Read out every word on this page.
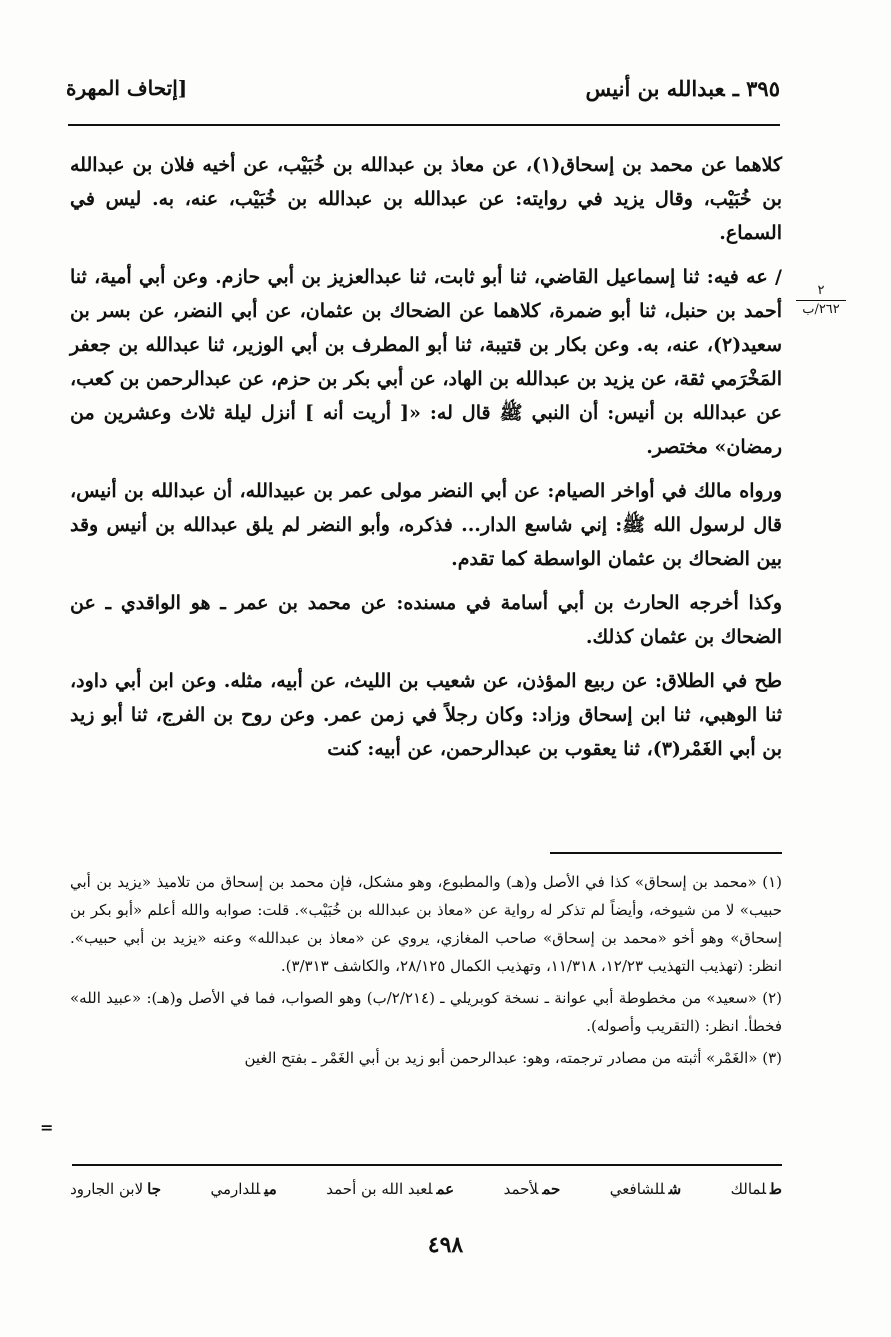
٣٩٥ ـعبدالله بن أنيس
[إتحاف المهرة
٢
٢٦٢/ب

كلاهما عن محمد بن إسحاق(١)، عن معاذ بن عبدالله بن خُبَيْب، عن أخيه فلان بن عبدالله بن خُبَيْب، وقال يزيد في روايته: عن عبدالله بن عبدالله بن خُبَيْب، عنه، به. ليس في السماع.

/ عه فيه: ثنا إسماعيل القاضي، ثنا أبو ثابت، ثنا عبدالعزيز بن أبي حازم. وعن أبي أمية، ثنا أحمد بن حنبل، ثنا أبو ضمرة، كلاهما عن الضحاك بن عثمان، عن أبي النضر، عن بسر بن سعيد(٢)، عنه، به. وعن بكار بن قتيبة، ثنا أبو المطرف بن أبي الوزير، ثنا عبدالله بن جعفر المَخْرَمي ثقة، عن يزيد بن عبدالله بن الهاد، عن أبي بكر بن حزم، عن عبدالرحمن بن كعب، عن عبدالله بن أنيس: أن النبي ﷺ قال له: «[ أريت أنه ] أنزل ليلة ثلاث وعشرين من رمضان» مختصر.

ورواه مالك في أواخر الصيام: عن أبي النضر مولى عمر بن عبيدالله، أن عبدالله بن أنيس، قال لرسول الله ﷺ: إني شاسع الدار... فذكره، وأبو النضر لم يلق عبدالله بن أنيس وقد بين الضحاك بن عثمان الواسطة كما تقدم.

وكذا أخرجه الحارث بن أبي أسامة في مسنده: عن محمد بن عمر ـ هو الواقدي ـ عن الضحاك بن عثمان كذلك.

طح في الطلاق: عن ربيع المؤذن، عن شعيب بن الليث، عن أبيه، مثله. وعن ابن أبي داود، ثنا الوهبي، ثنا ابن إسحاق وزاد: وكان رجلاً في زمن عمر. وعن روح بن الفرج، ثنا أبو زيد بن أبي الغَمْر(٣)، ثنا يعقوب بن عبدالرحمن، عن أبيه: كنت

(١) «محمد بن إسحاق» كذا في الأصل و(هـ) والمطبوع، وهو مشكل، فإن محمد بن إسحاق من تلاميذ «يزيد بن أبي حبيب» لا من شيوخه، وأيضاً لم تذكر له رواية عن «معاذ بن عبدالله بن خُبَيْب». قلت: صوابه والله أعلم «أبو بكر بن إسحاق» وهو أخو «محمد بن إسحاق» صاحب المغازي، يروي عن «معاذ بن عبدالله» وعنه «يزيد بن أبي حبيب». انظر: (تهذيب التهذيب ١٢/٢٣، ١١/٣١٨، وتهذيب الكمال ٢٨/١٢٥، والكاشف ٣/٣١٣).

(٢) «سعيد» من مخطوطة أبي عوانة ـ نسخة كوبريلي ـ (٢/٢١٤/ب) وهو الصواب، فما في الأصل و(هـ): «عبيد الله» فخطأ. انظر: (التقريب وأصوله).

(٣) «الغَمْر» أثبته من مصادر ترجمته، وهو: عبدالرحمن أبو زيد بن أبي الغَمْر ـ بفتح الغين

=
طلمالك
شللشافعي
حملأحمد
عملعبد الله بن أحمد
ميللدارمي
جالابن الجارود
٤٩٨
